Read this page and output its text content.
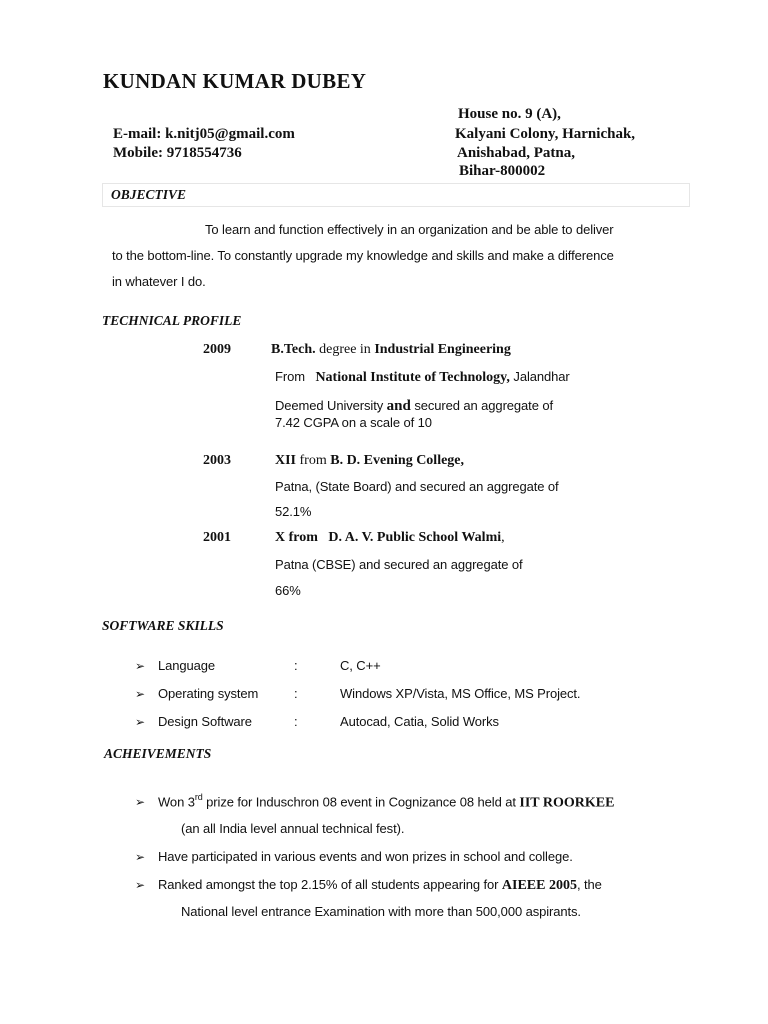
KUNDAN KUMAR DUBEY
House no. 9 (A),
Kalyani Colony, Harnichak,
Anishabad, Patna,
Bihar-800002
E-mail: k.nitj05@gmail.com
Mobile: 9718554736
OBJECTIVE
To learn and function effectively in an organization and be able to deliver
to the bottom-line. To constantly upgrade my knowledge and skills and make a difference
in whatever I do.
TECHNICAL PROFILE
2009	B.Tech. degree in Industrial Engineering
From National Institute of Technology, Jalandhar
Deemed University and secured an aggregate of
7.42 CGPA on a scale of 10
2003	XII from B. D. Evening College,
Patna, (State Board) and secured an aggregate of
52.1%
2001	X from D. A. V. Public School Walmi,
Patna (CBSE) and secured an aggregate of
66%
SOFTWARE SKILLS
➢ Language	:	C, C++
➢ Operating system	:	Windows XP/Vista, MS Office, MS Project.
➢ Design Software	:	Autocad, Catia, Solid Works
ACHEIVEMENTS
➢ Won 3rd prize for Induschron 08 event in Cognizance 08 held at IIT ROORKEE
(an all India level annual technical fest).
➢ Have participated in various events and won prizes in school and college.
➢ Ranked amongst the top 2.15% of all students appearing for AIEEE 2005, the
National level entrance Examination with more than 500,000 aspirants.
